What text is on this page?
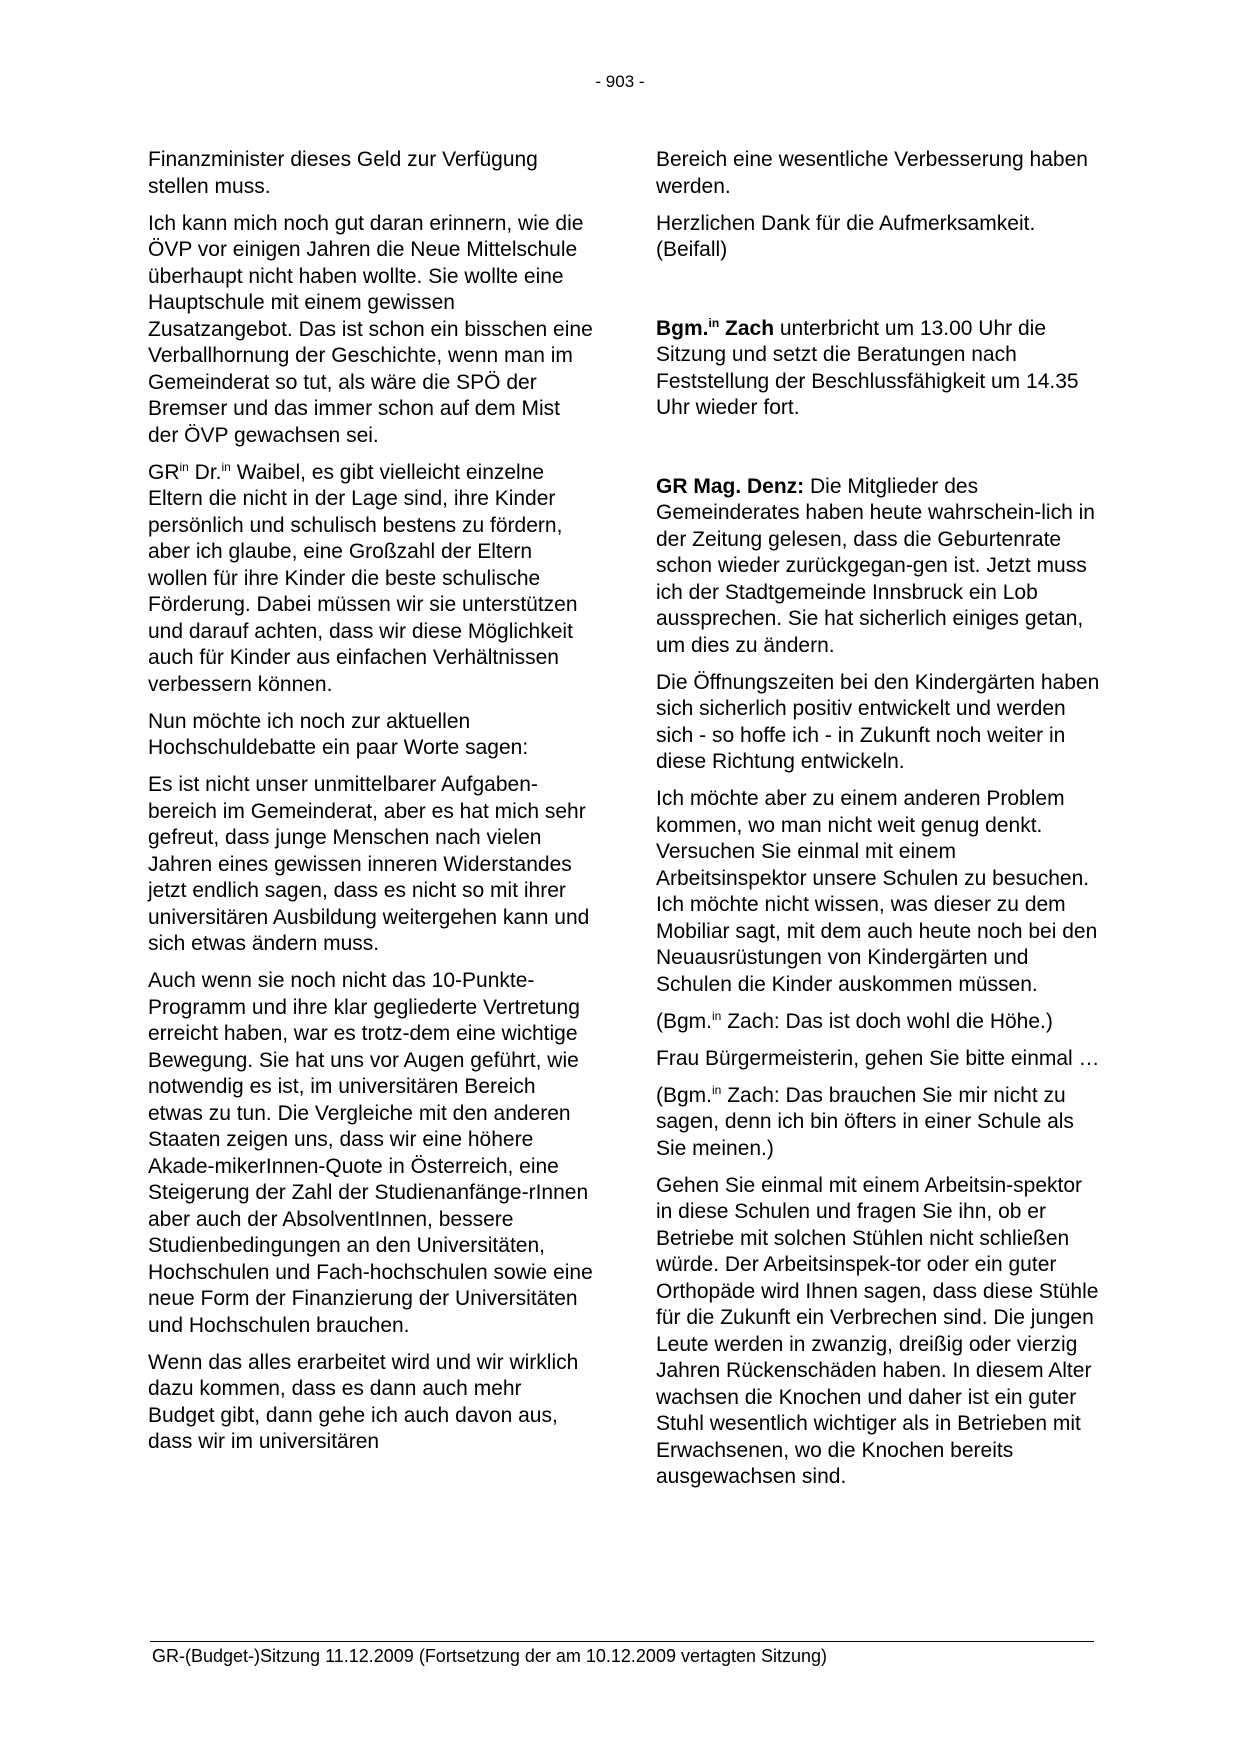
- 903 -

Finanzminister dieses Geld zur Verfügung stellen muss.

Ich kann mich noch gut daran erinnern, wie die ÖVP vor einigen Jahren die Neue Mittelschule überhaupt nicht haben wollte. Sie wollte eine Hauptschule mit einem gewissen Zusatzangebot. Das ist schon ein bisschen eine Verballhornung der Geschichte, wenn man im Gemeinderat so tut, als wäre die SPÖ der Bremser und das immer schon auf dem Mist der ÖVP gewachsen sei.

$GR^{in}$ Dr.$^{in}$ Waibel, es gibt vielleicht einzelne Eltern die nicht in der Lage sind, ihre Kinder persönlich und schulisch bestens zu fördern, aber ich glaube, eine Großzahl der Eltern wollen für ihre Kinder die beste schulische Förderung. Dabei müssen wir sie unterstützen und darauf achten, dass wir diese Möglichkeit auch für Kinder aus einfachen Verhältnissen verbessern können.

Nun möchte ich noch zur aktuellen Hochschuldebatte ein paar Worte sagen:

Es ist nicht unser unmittelbarer Aufgaben-bereich im Gemeinderat, aber es hat mich sehr gefreut, dass junge Menschen nach vielen Jahren eines gewissen inneren Widerstandes jetzt endlich sagen, dass es nicht so mit ihrer universitären Ausbildung weitergehen kann und sich etwas ändern muss.

Auch wenn sie noch nicht das 10-Punkte-Programm und ihre klar gegliederte Vertretung erreicht haben, war es trotz-dem eine wichtige Bewegung. Sie hat uns vor Augen geführt, wie notwendig es ist, im universitären Bereich etwas zu tun. Die Vergleiche mit den anderen Staaten zeigen uns, dass wir eine höhere Akade-mikerInnen-Quote in Österreich, eine Steigerung der Zahl der Studienanfänge-rInnen aber auch der AbsolventInnen, bessere Studienbedingungen an den Universitäten, Hochschulen und Fach-hochschulen sowie eine neue Form der Finanzierung der Universitäten und Hochschulen brauchen.

Wenn das alles erarbeitet wird und wir wirklich dazu kommen, dass es dann auch mehr Budget gibt, dann gehe ich auch davon aus, dass wir im universitären

Bereich eine wesentliche Verbesserung haben werden.

Herzlichen Dank für die Aufmerksamkeit. (Beifall)

Bgm.$^{in}$ Zach unterbricht um 13.00 Uhr die Sitzung und setzt die Beratungen nach Feststellung der Beschlussfähigkeit um 14.35 Uhr wieder fort.

GR Mag. Denz: Die Mitglieder des Gemeinderates haben heute wahrschein-lich in der Zeitung gelesen, dass die Geburtenrate schon wieder zurückgegan-gen ist. Jetzt muss ich der Stadtgemeinde Innsbruck ein Lob aussprechen. Sie hat sicherlich einiges getan, um dies zu ändern.

Die Öffnungszeiten bei den Kindergärten haben sich sicherlich positiv entwickelt und werden sich - so hoffe ich - in Zukunft noch weiter in diese Richtung entwickeln.

Ich möchte aber zu einem anderen Problem kommen, wo man nicht weit genug denkt. Versuchen Sie einmal mit einem Arbeitsinspektor unsere Schulen zu besuchen. Ich möchte nicht wissen, was dieser zu dem Mobiliar sagt, mit dem auch heute noch bei den Neuausrüstungen von Kindergärten und Schulen die Kinder auskommen müssen.

(Bgm.$^{in}$ Zach: Das ist doch wohl die Höhe.)

Frau Bürgermeisterin, gehen Sie bitte einmal …

(Bgm.$^{in}$ Zach: Das brauchen Sie mir nicht zu sagen, denn ich bin öfters in einer Schule als Sie meinen.)

Gehen Sie einmal mit einem Arbeitsin-spektor in diese Schulen und fragen Sie ihn, ob er Betriebe mit solchen Stühlen nicht schließen würde. Der Arbeitsinspek-tor oder ein guter Orthopäde wird Ihnen sagen, dass diese Stühle für die Zukunft ein Verbrechen sind. Die jungen Leute werden in zwanzig, dreißig oder vierzig Jahren Rückenschäden haben. In diesem Alter wachsen die Knochen und daher ist ein guter Stuhl wesentlich wichtiger als in Betrieben mit Erwachsenen, wo die Knochen bereits ausgewachsen sind.

GR-(Budget-)Sitzung 11.12.2009 (Fortsetzung der am 10.12.2009 vertagten Sitzung)
